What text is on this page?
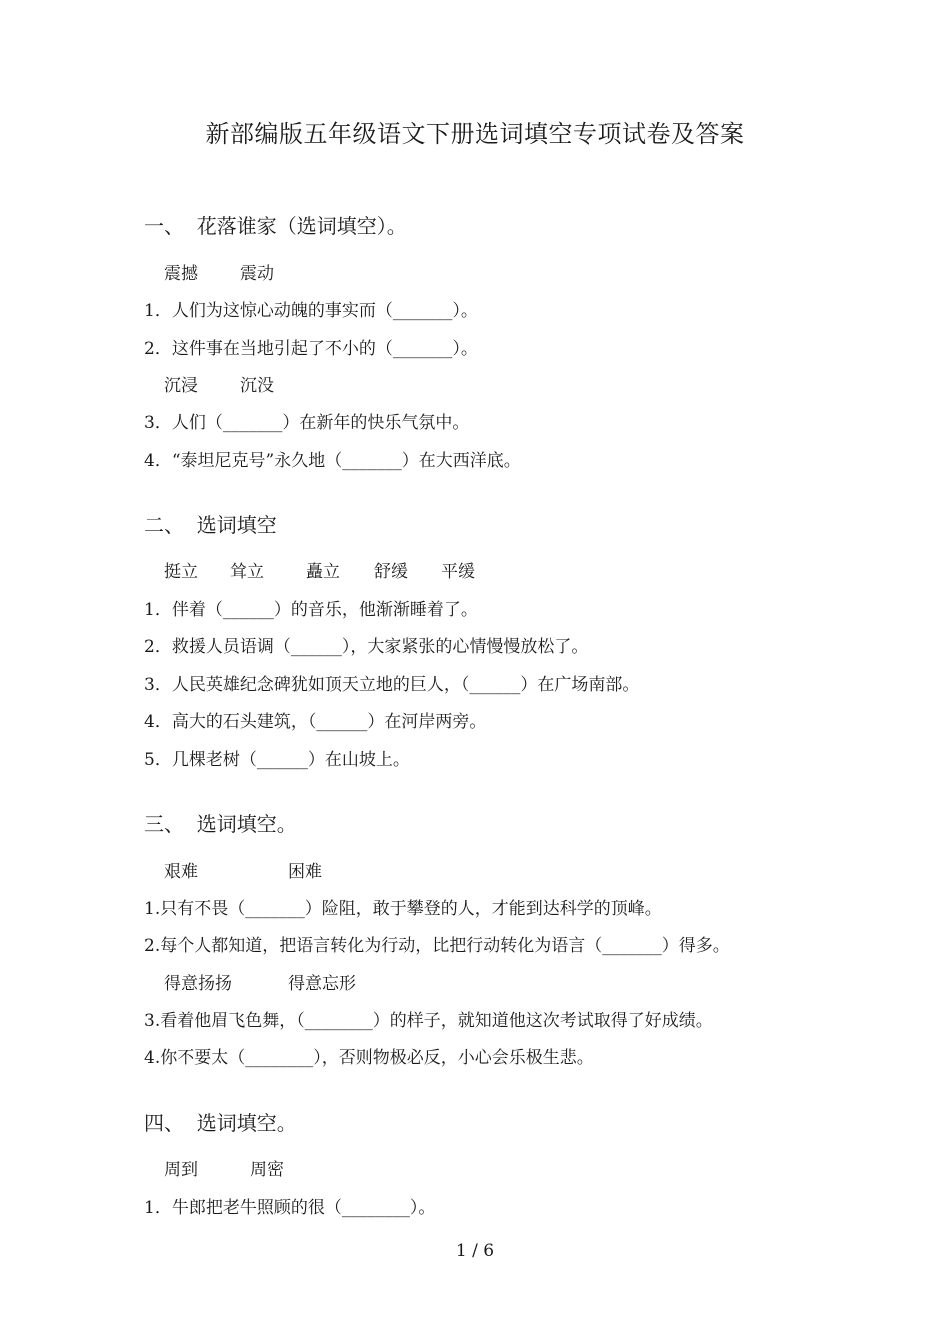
新部编版五年级语文下册选词填空专项试卷及答案
一、  花落谁家（选词填空）。
震撼 震动
1．人们为这惊心动魄的事实而（_______）。
2．这件事在当地引起了不小的（_______）。
沉浸 沉没
3．人们（_______）在新年的快乐气氛中。
4．“泰坦尼克号”永久地（_______）在大西洋底。
二、  选词填空
挺立 耸立 矗立 舒缓 平缓
1．伴着（______）的音乐，他渐渐睡着了。
2．救援人员语调（______），大家紧张的心情慢慢放松了。
3．人民英雄纪念碑犹如顶天立地的巨人，（______）在广场南部。
4．高大的石头建筑，（______）在河岸两旁。
5．几棵老树（______）在山坡上。
三、  选词填空。
艰难	困难
1.只有不畏（_______）险阻，敢于攀登的人，才能到达科学的顶峰。
2.每个人都知道，把语言转化为行动，比把行动转化为语言（_______）得多。
得意扬扬	得意忘形
3.看着他眉飞色舞，（________）的样子，就知道他这次考试取得了好成绩。
4.你不要太（________），否则物极必反，小心会乐极生悲。
四、  选词填空。
周到	周密
1．牛郎把老牛照顾的很（________）。
1 / 6
